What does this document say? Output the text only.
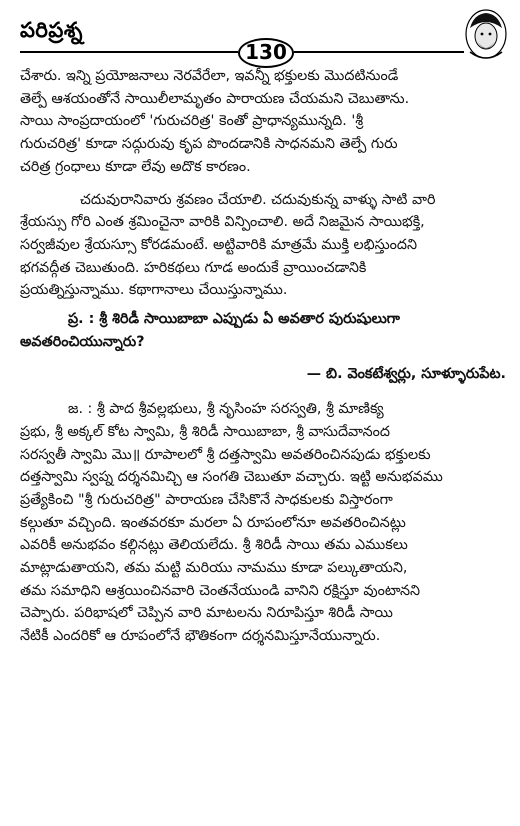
పరిప్రశ్న
130

చేశారు. ఇన్ని ప్రయోజనాలు నెరవేరేలా, ఇవన్నీ భక్తులకు మొదటినుండే
తెల్పే ఆశయంతోనే సాయిలీలామృతం పారాయణ చేయమని చెబుతాను.
సాయి సాంప్రదాయంలో 'గురుచరిత్ర' కెంతో ప్రాధాన్యమున్నది. 'శ్రీ
గురుచరిత్ర' కూడా సద్గురువు కృప పొందడానికి సాధనమని తెల్పే గురు
చరిత్ర గ్రంధాలు కూడా లేవు అదొక కారణం.

చదువురానివారు శ్రవణం చేయాలి. చదువుకున్న వాళ్ళు సాటి వారి
శ్రేయస్సు గోరి ఎంత శ్రమించైనా వారికి విన్పించాలి. అదే నిజమైన సాయిభక్తి,
సర్వజీవుల శ్రేయస్సూ కోరడమంటే. అట్టివారికి మాత్రమే ముక్తి లభిస్తుందని
భగవద్గీత చెబుతుంది. హరికథలు గూడ అందుకే వ్రాయించడానికి
ప్రయత్నిస్తున్నాము. కథాగానాలు చేయిస్తున్నాము.

ప్ర. : శ్రీ శిరిడీ సాయిబాబా ఎప్పుడు ఏ అవతార పురుషులుగా
అవతరించియున్నారు?

— బి. వెంకటేశ్వర్లు, సూళ్ళూరుపేట.

జ. : శ్రీ పాద శ్రీవల్లభులు, శ్రీ నృసింహ సరస్వతి, శ్రీ మాణిక్య
ప్రభు, శ్రీ అక్కల్ కోట స్వామి, శ్రీ శిరిడీ సాయిబాబా, శ్రీ వాసుదేవానంద
సరస్వతీ స్వామి మొ॥ రూపాలలో శ్రీ దత్తస్వామి అవతరించినపుడు భక్తులకు
దత్తస్వామి స్వప్న దర్శనమిచ్చి ఆ సంగతి చెబుతూ వచ్చారు. ఇట్టి అనుభవము
ప్రత్యేకించి "శ్రీ గురుచరిత్ర" పారాయణ చేసికొనే సాధకులకు విస్తారంగా
కల్గుతూ వచ్చింది. ఇంతవరకూ మరలా ఏ రూపంలోనూ అవతరించినట్లు
ఎవరికీ అనుభవం కల్గినట్లు తెలియలేదు. శ్రీ శిరిడీ సాయి తమ ఎముకలు
మాట్లాడుతాయని, తమ మట్టి మరియు నామము కూడా పల్కుతాయని,
తమ సమాధిని ఆశ్రయించినవారి చెంతనేయుండి వానిని రక్షిస్తూ వుంటానని
చెప్పారు. పరిభాషలో చెప్పిన వారి మాటలను నిరూపిస్తూ శిరిడీ సాయి
నేటికీ ఎందరికో ఆ రూపంలోనే భౌతికంగా దర్శనమిస్తూనేయున్నారు.
